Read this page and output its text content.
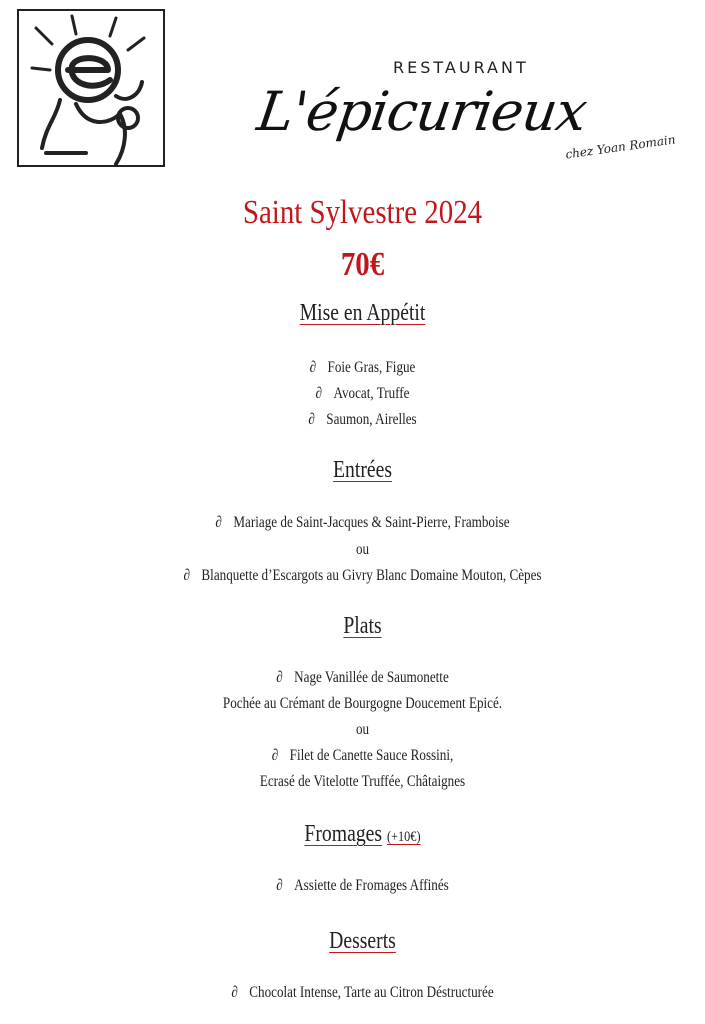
RESTAURANT
L'épicurieux
chez Yoan Romain
Saint Sylvestre 2024
70€
Mise en Appétit
∂ Foie Gras, Figue
∂ Avocat, Truffe
∂ Saumon, Airelles
Entrées
∂ Mariage de Saint-Jacques & Saint-Pierre, Framboise
ou
∂ Blanquette d’Escargots au Givry Blanc Domaine Mouton, Cèpes
Plats
∂ Nage Vanillée de Saumonette
Pochée au Crémant de Bourgogne Doucement Epicé.
ou
∂ Filet de Canette Sauce Rossini,
Ecrasé de Vitelotte Truffée, Châtaignes
Fromages (+10€)
∂ Assiette de Fromages Affinés
Desserts
∂ Chocolat Intense, Tarte au Citron Déstructurée
